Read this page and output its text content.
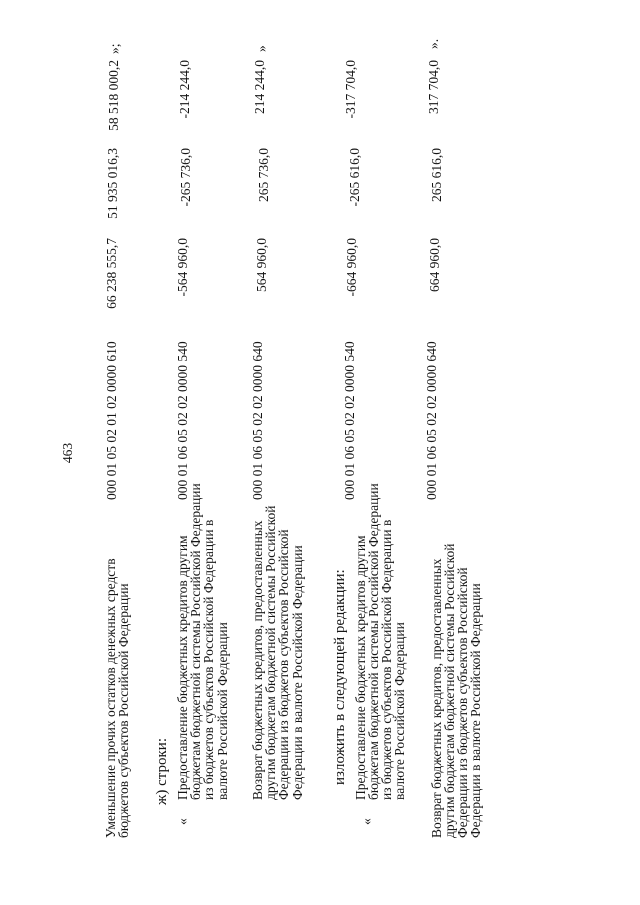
463
Уменьшение прочих остатков денежных средств
бюджетов субъектов Российской Федерации
000 01 05 02 01 02 0000 610
66 238 555,7
51 935 016,3
58 518 000,2
»;
ж) строки:
«
Предоставление бюджетных кредитов другим
бюджетам бюджетной системы Российской Федерации
из бюджетов субъектов Российской Федерации в
валюте Российской Федерации
000 01 06 05 02 02 0000 540
-564 960,0
-265 736,0
-214 244,0
Возврат бюджетных кредитов, предоставленных
другим бюджетам бюджетной системы Российской
Федерации из бюджетов субъектов Российской
Федерации в валюте Российской Федерации
000 01 06 05 02 02 0000 640
564 960,0
265 736,0
214 244,0
»
изложить в следующей редакции:
«
Предоставление бюджетных кредитов другим
бюджетам бюджетной системы Российской Федерации
из бюджетов субъектов Российской Федерации в
валюте Российской Федерации
000 01 06 05 02 02 0000 540
-664 960,0
-265 616,0
-317 704,0
Возврат бюджетных кредитов, предоставленных
другим бюджетам бюджетной системы Российской
Федерации из бюджетов субъектов Российской
Федерации в валюте Российской Федерации
000 01 06 05 02 02 0000 640
664 960,0
265 616,0
317 704,0
».
